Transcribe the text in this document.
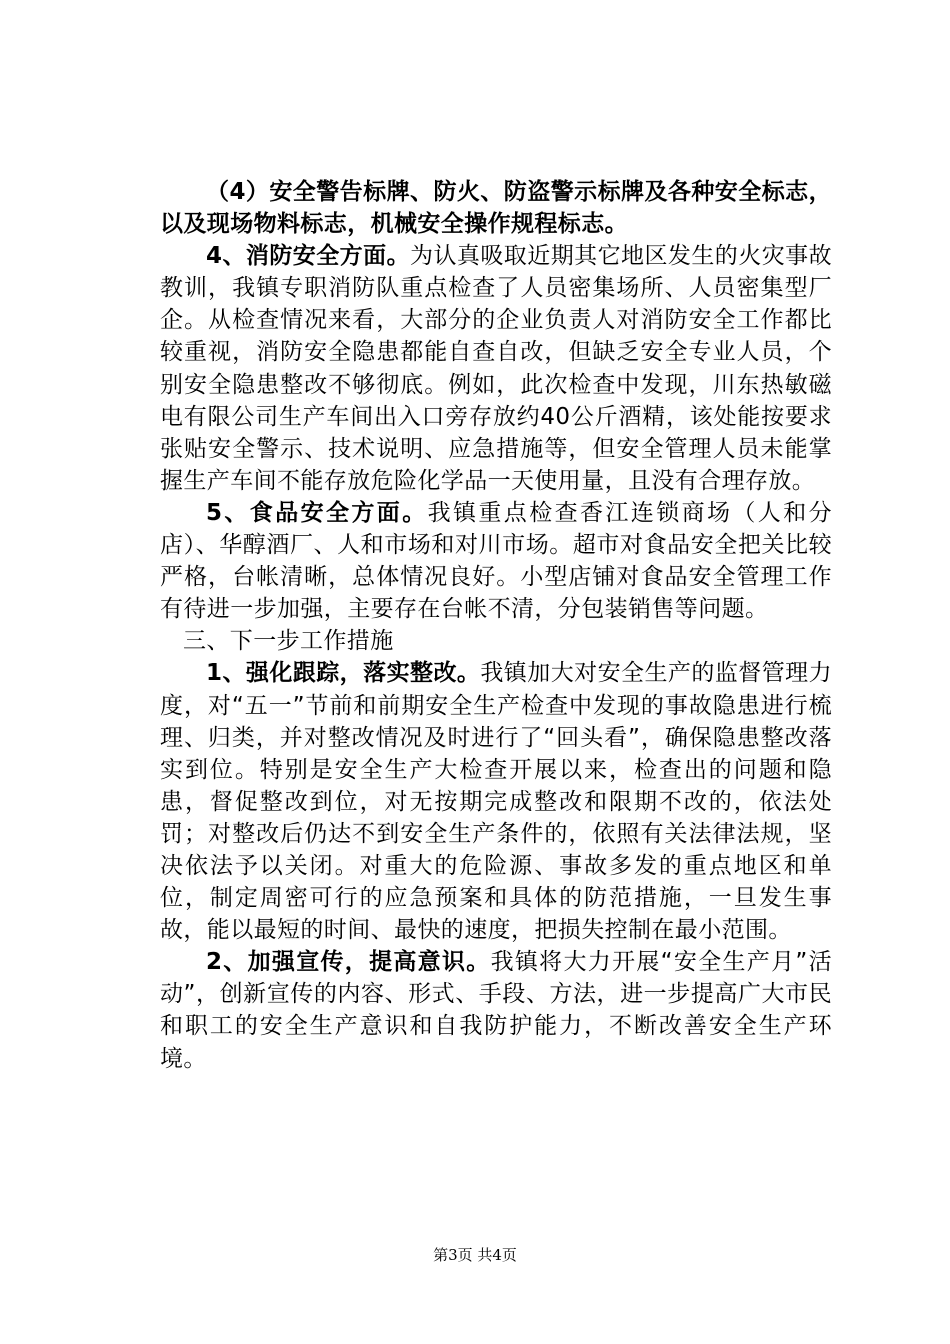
（4）安全警告标牌、防火、防盗警示标牌及各种安全标志，以及现场物料标志，机械安全操作规程标志。

4、消防安全方面。为认真吸取近期其它地区发生的火灾事故教训，我镇专职消防队重点检查了人员密集场所、人员密集型厂企。从检查情况来看，大部分的企业负责人对消防安全工作都比较重视，消防安全隐患都能自查自改，但缺乏安全专业人员，个别安全隐患整改不够彻底。例如，此次检查中发现，川东热敏磁电有限公司生产车间出入口旁存放约40公斤酒精，该处能按要求张贴安全警示、技术说明、应急措施等，但安全管理人员未能掌握生产车间不能存放危险化学品一天使用量，且没有合理存放。

5、食品安全方面。我镇重点检查香江连锁商场（人和分店）、华醇酒厂、人和市场和对川市场。超市对食品安全把关比较严格，台帐清晰，总体情况良好。小型店铺对食品安全管理工作有待进一步加强，主要存在台帐不清，分包装销售等问题。

三、下一步工作措施

1、强化跟踪，落实整改。我镇加大对安全生产的监督管理力度，对“五一”节前和前期安全生产检查中发现的事故隐患进行梳理、归类，并对整改情况及时进行了“回头看”，确保隐患整改落实到位。特别是安全生产大检查开展以来，检查出的问题和隐患，督促整改到位，对无按期完成整改和限期不改的，依法处罚；对整改后仍达不到安全生产条件的，依照有关法律法规，坚决依法予以关闭。对重大的危险源、事故多发的重点地区和单位，制定周密可行的应急预案和具体的防范措施，一旦发生事故，能以最短的时间、最快的速度，把损失控制在最小范围。

2、加强宣传，提高意识。我镇将大力开展“安全生产月”活动”，创新宣传的内容、形式、手段、方法，进一步提高广大市民和职工的安全生产意识和自我防护能力，不断改善安全生产环境。

第3页 共4页
